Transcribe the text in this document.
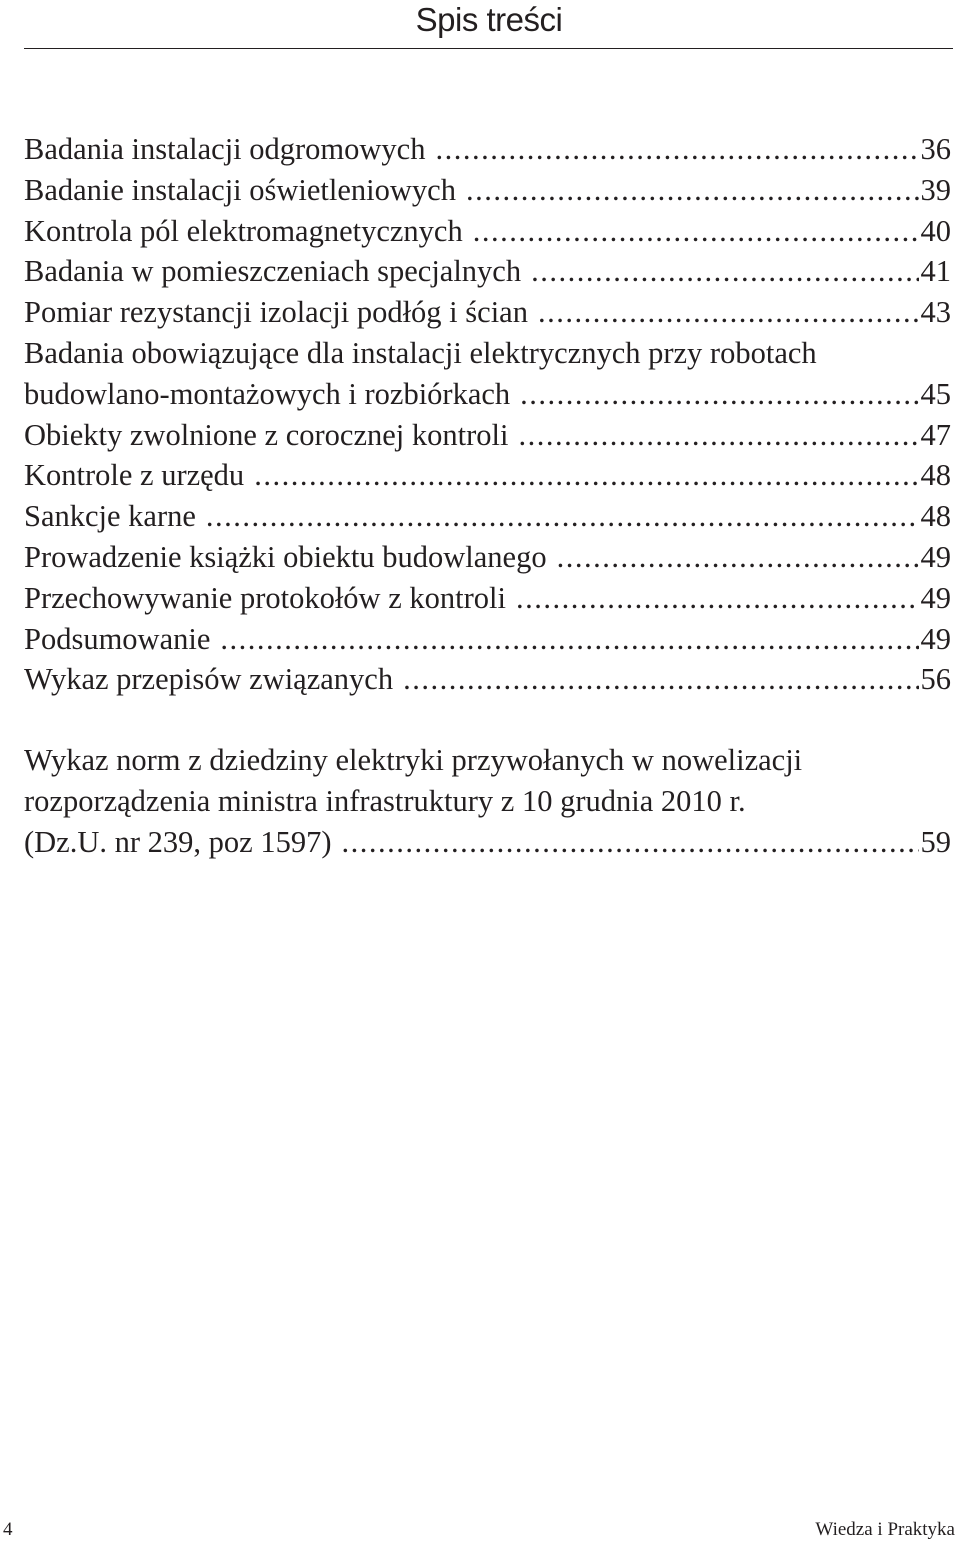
Spis treści
Badania instalacji odgromowych .....	36
Badanie instalacji oświetleniowych .....	39
Kontrola pól elektromagnetycznych .....	40
Badania w pomieszczeniach specjalnych .....	41
Pomiar rezystancji izolacji podłóg i ścian .....	43
Badania obowiązujące dla instalacji elektrycznych przy robotach
budowlano-montażowych i rozbiórkach .....	45
Obiekty zwolnione z corocznej kontroli .....	47
Kontrole z urzędu .....	48
Sankcje karne .....	48
Prowadzenie książki obiektu budowlanego .....	49
Przechowywanie protokołów z kontroli .....	49
Podsumowanie .....	49
Wykaz przepisów związanych .....	56
Wykaz norm z dziedziny elektryki przywołanych w nowelizacji
rozporządzenia ministra infrastruktury z 10 grudnia 2010 r.
(Dz.U. nr 239, poz 1597) .....	59
4	Wiedza i Praktyka
